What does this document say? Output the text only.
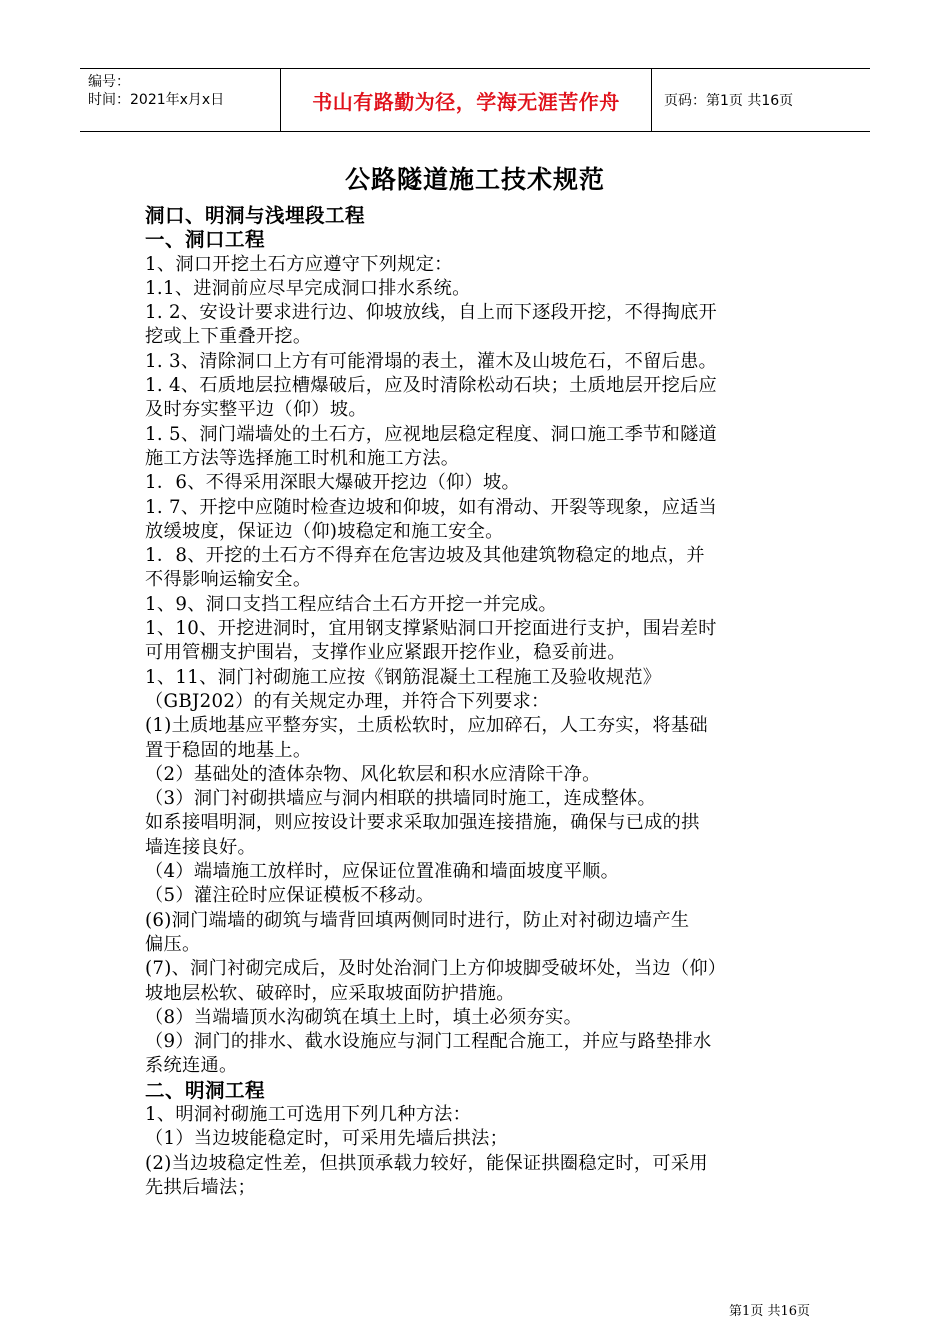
编号：
时间：2021年x月x日	书山有路勤为径，学海无涯苦作舟	页码：第1页 共16页
公路隧道施工技术规范

洞口、明洞与浅埋段工程

一、洞口工程

1、洞口开挖土石方应遵守下列规定：

1.1、进洞前应尽早完成洞口排水系统。

1. 2、安设计要求进行边、仰坡放线，自上而下逐段开挖，不得掏底开

挖或上下重叠开挖。

1. 3、清除洞口上方有可能滑塌的表土，灌木及山坡危石，不留后患。

1. 4、石质地层拉槽爆破后，应及时清除松动石块；土质地层开挖后应

及时夯实整平边（仰）坡。

1. 5、洞门端墙处的土石方，应视地层稳定程度、洞口施工季节和隧道

施工方法等选择施工时机和施工方法。

1．6、不得采用深眼大爆破开挖边（仰）坡。

1. 7、开挖中应随时检查边坡和仰坡，如有滑动、开裂等现象，应适当

放缓坡度，保证边（仰)坡稳定和施工安全。

1．8、开挖的土石方不得弃在危害边坡及其他建筑物稳定的地点，并

不得影响运输安全。

1、9、洞口支挡工程应结合土石方开挖一并完成。

1、10、开挖进洞时，宜用钢支撑紧贴洞口开挖面进行支护，围岩差时

可用管棚支护围岩，支撑作业应紧跟开挖作业，稳妥前进。

1、11、洞门衬砌施工应按《钢筋混凝土工程施工及验收规范》

（GBJ202）的有关规定办理，并符合下列要求：

(1)土质地基应平整夯实，土质松软时，应加碎石，人工夯实，将基础

置于稳固的地基上。

（2）基础处的渣体杂物、风化软层和积水应清除干净。

（3）洞门衬砌拱墙应与洞内相联的拱墙同时施工，连成整体。

如系接唱明洞，则应按设计要求采取加强连接措施，确保与已成的拱

墙连接良好。

（4）端墙施工放样时，应保证位置准确和墙面坡度平顺。

（5）灌注砼时应保证模板不移动。

(6)洞门端墙的砌筑与墙背回填两侧同时进行，防止对衬砌边墙产生

偏压。

(7)、洞门衬砌完成后，及时处治洞门上方仰坡脚受破坏处，当边（仰）

坡地层松软、破碎时，应采取坡面防护措施。

（8）当端墙顶水沟砌筑在填土上时，填土必须夯实。

（9）洞门的排水、截水设施应与洞门工程配合施工，并应与路垫排水

系统连通。

二、明洞工程

1、明洞衬砌施工可选用下列几种方法：

（1）当边坡能稳定时，可采用先墙后拱法；

(2)当边坡稳定性差，但拱顶承载力较好，能保证拱圈稳定时，可采用

先拱后墙法；

第1页 共16页
